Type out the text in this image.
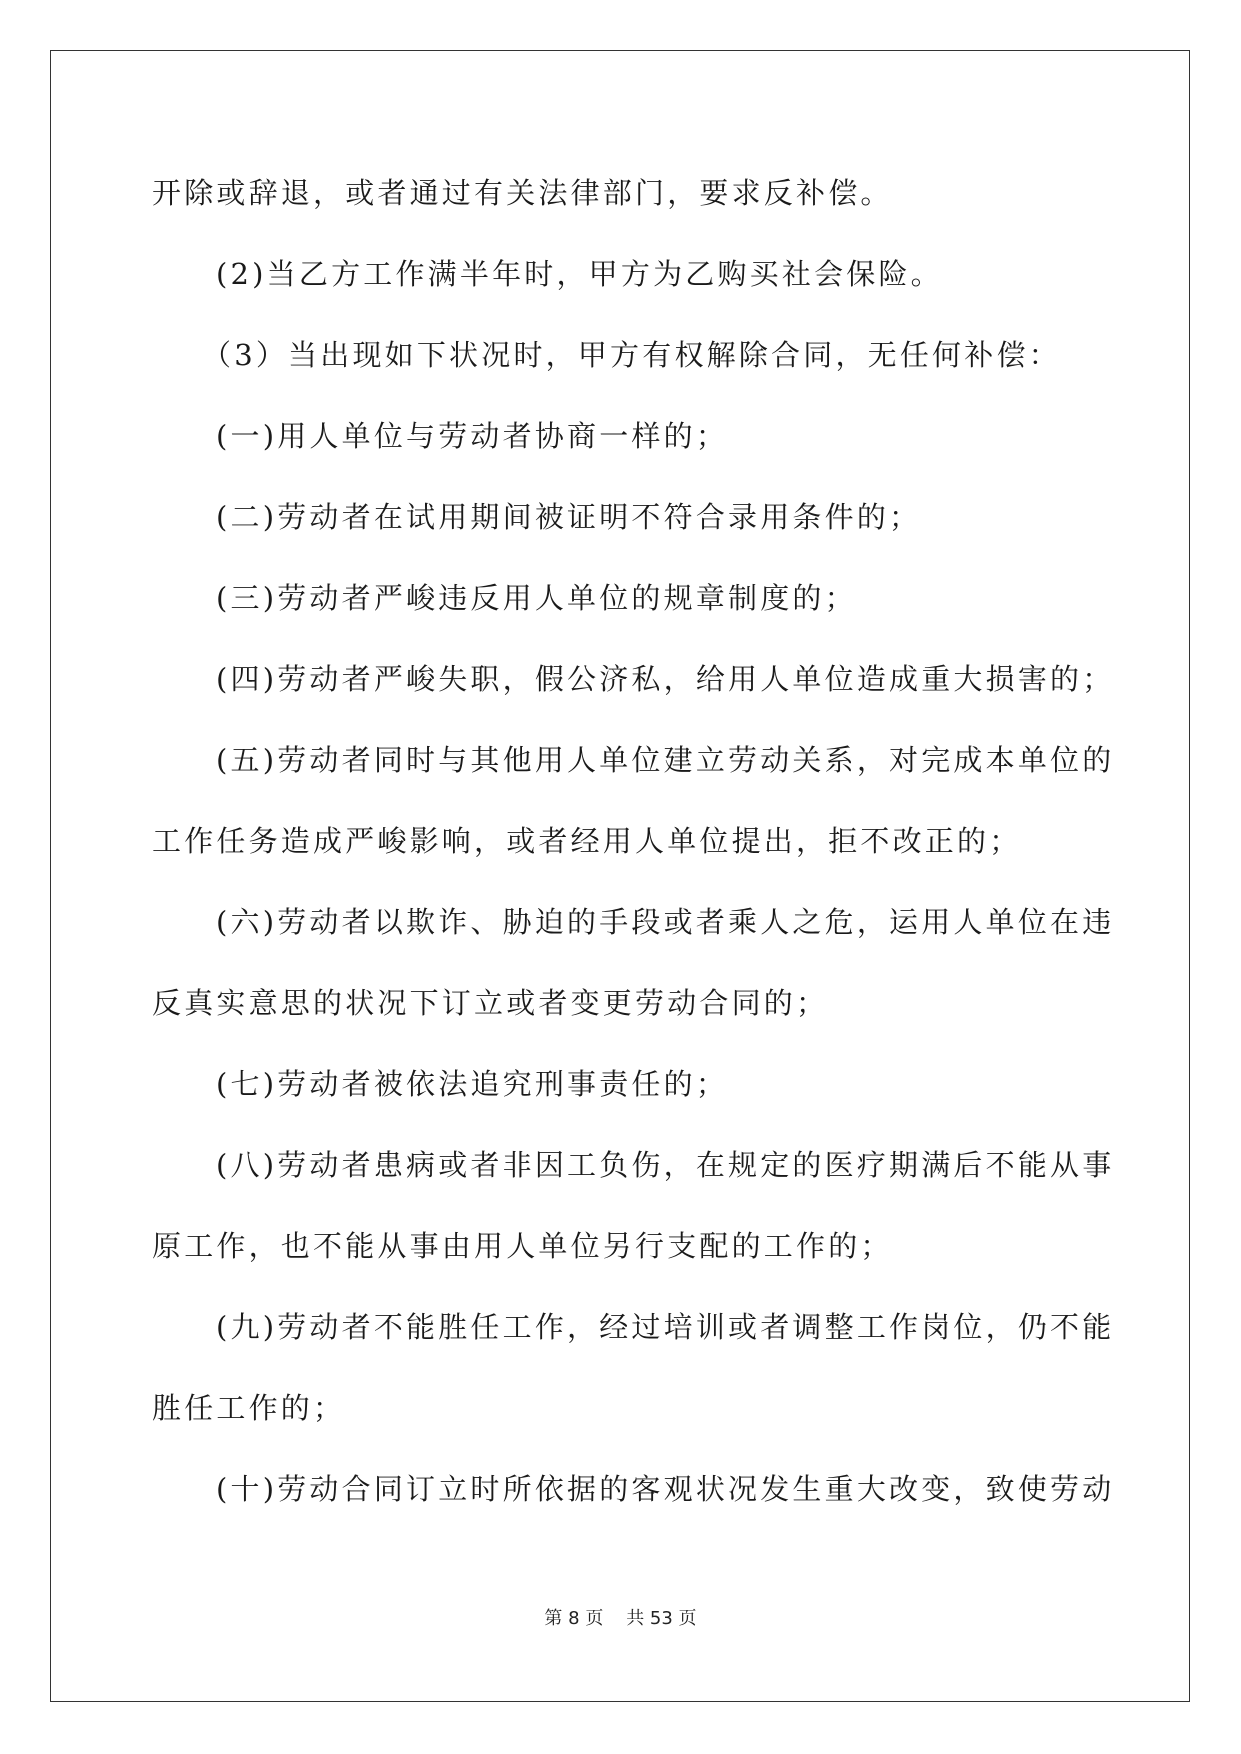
开除或辞退，或者通过有关法律部门，要求反补偿。
(2)当乙方工作满半年时，甲方为乙购买社会保险。
（3）当出现如下状况时，甲方有权解除合同，无任何补偿：
(一)用人单位与劳动者协商一样的；
(二)劳动者在试用期间被证明不符合录用条件的；
(三)劳动者严峻违反用人单位的规章制度的；
(四)劳动者严峻失职，假公济私，给用人单位造成重大损害的；
(五)劳动者同时与其他用人单位建立劳动关系，对完成本单位的
工作任务造成严峻影响，或者经用人单位提出，拒不改正的；
(六)劳动者以欺诈、胁迫的手段或者乘人之危，运用人单位在违
反真实意思的状况下订立或者变更劳动合同的；
(七)劳动者被依法追究刑事责任的；
(八)劳动者患病或者非因工负伤，在规定的医疗期满后不能从事
原工作，也不能从事由用人单位另行支配的工作的；
(九)劳动者不能胜任工作，经过培训或者调整工作岗位，仍不能
胜任工作的；
(十)劳动合同订立时所依据的客观状况发生重大改变，致使劳动
第 8 页    共 53 页
